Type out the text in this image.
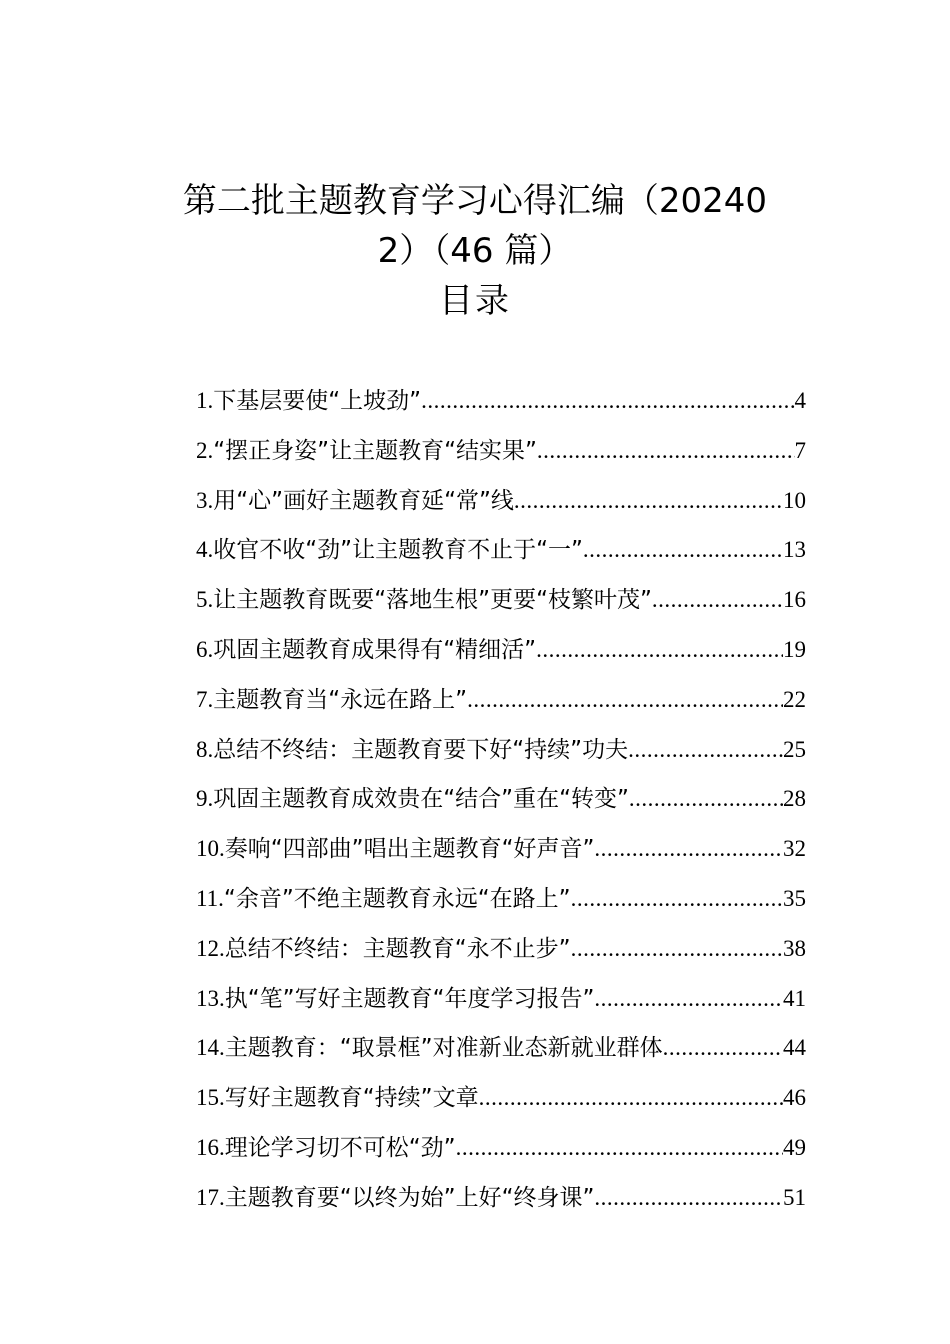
第二批主题教育学习心得汇编（20240
2）（46 篇）
目录
1. 下基层要使“上坡劲” .....	4
2. “摆正身姿”让主题教育“结实果” .....	7
3. 用“心”画好主题教育延“常”线 .....	10
4. 收官不收“劲”让主题教育不止于“一” .....	13
5. 让主题教育既要“落地生根”更要“枝繁叶茂” .....	16
6. 巩固主题教育成果得有“精细活” .....	19
7. 主题教育当“永远在路上” .....	22
8. 总结不终结：主题教育要下好“持续”功夫 .....	25
9. 巩固主题教育成效贵在“结合”重在“转变” .....	28
10. 奏响“四部曲”唱出主题教育“好声音” .....	32
11. “余音”不绝主题教育永远“在路上” .....	35
12. 总结不终结：主题教育“永不止步” .....	38
13. 执“笔”写好主题教育“年度学习报告” .....	41
14. 主题教育：“取景框”对准新业态新就业群体 .....	44
15. 写好主题教育“持续”文章 .....	46
16. 理论学习切不可松“劲” .....	49
17. 主题教育要“以终为始”上好“终身课” .....	51
